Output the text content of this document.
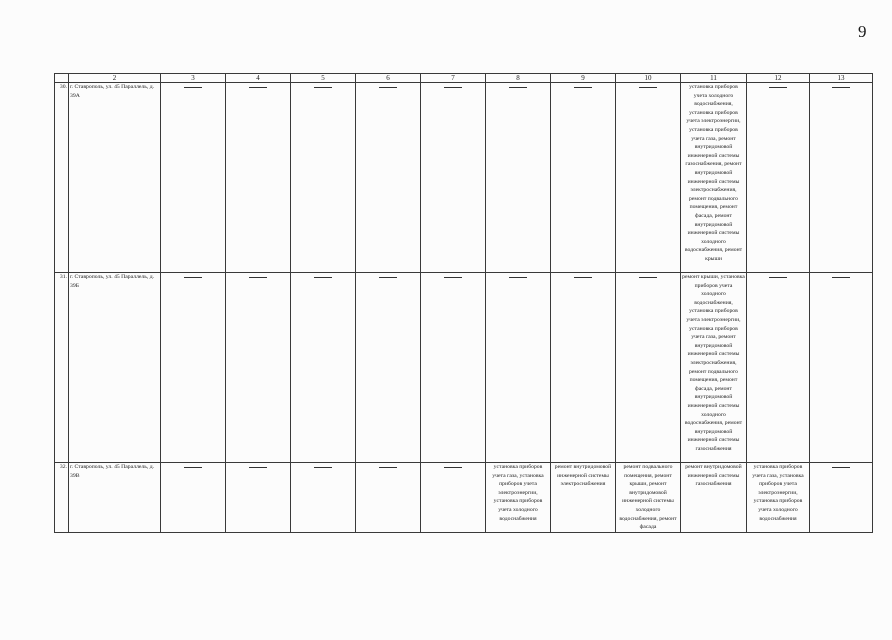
9
	2	3	4	5	6	7	8	9	10	11	12	13
30.	г. Ставрополь, ул. 45 Параллель, д. 39А									установка приборов учета холодного водоснабжения, установка приборов учета электроэнергии, установка приборов учета газа, ремонт внутридомовой инженерной системы газоснабжения, ремонт внутридомовой инженерной системы электроснабжения, ремонт подвального помещения, ремонт фасада, ремонт внутридомовой инженерной системы холодного водоснабжения, ремонт крыши		

31.	г. Ставрополь, ул. 45 Параллель, д. 39Б									ремонт крыши, установка приборов учета холодного водоснабжения, установка приборов учета электроэнергии, установка приборов учета газа, ремонт внутридомовой инженерной системы электроснабжения, ремонт подвального помещения, ремонт фасада, ремонт внутридомовой инженерной системы холодного водоснабжения, ремонт внутридомовой инженерной системы газоснабжения		

32.	г. Ставрополь, ул. 45 Параллель, д. 39В						установка приборов учета газа, установка приборов учета электроэнергии, установка приборов учета холодного водоснабжения	ремонт внутридомовой инженерной системы электроснабжения	ремонт подвального помещения, ремонт крыши, ремонт внутридомовой инженерной системы холодного водоснабжения, ремонт фасада	ремонт внутридомовой инженерной системы газоснабжения	установка приборов учета газа, установка приборов учета электроэнергии, установка приборов учета холодного водоснабжения	
